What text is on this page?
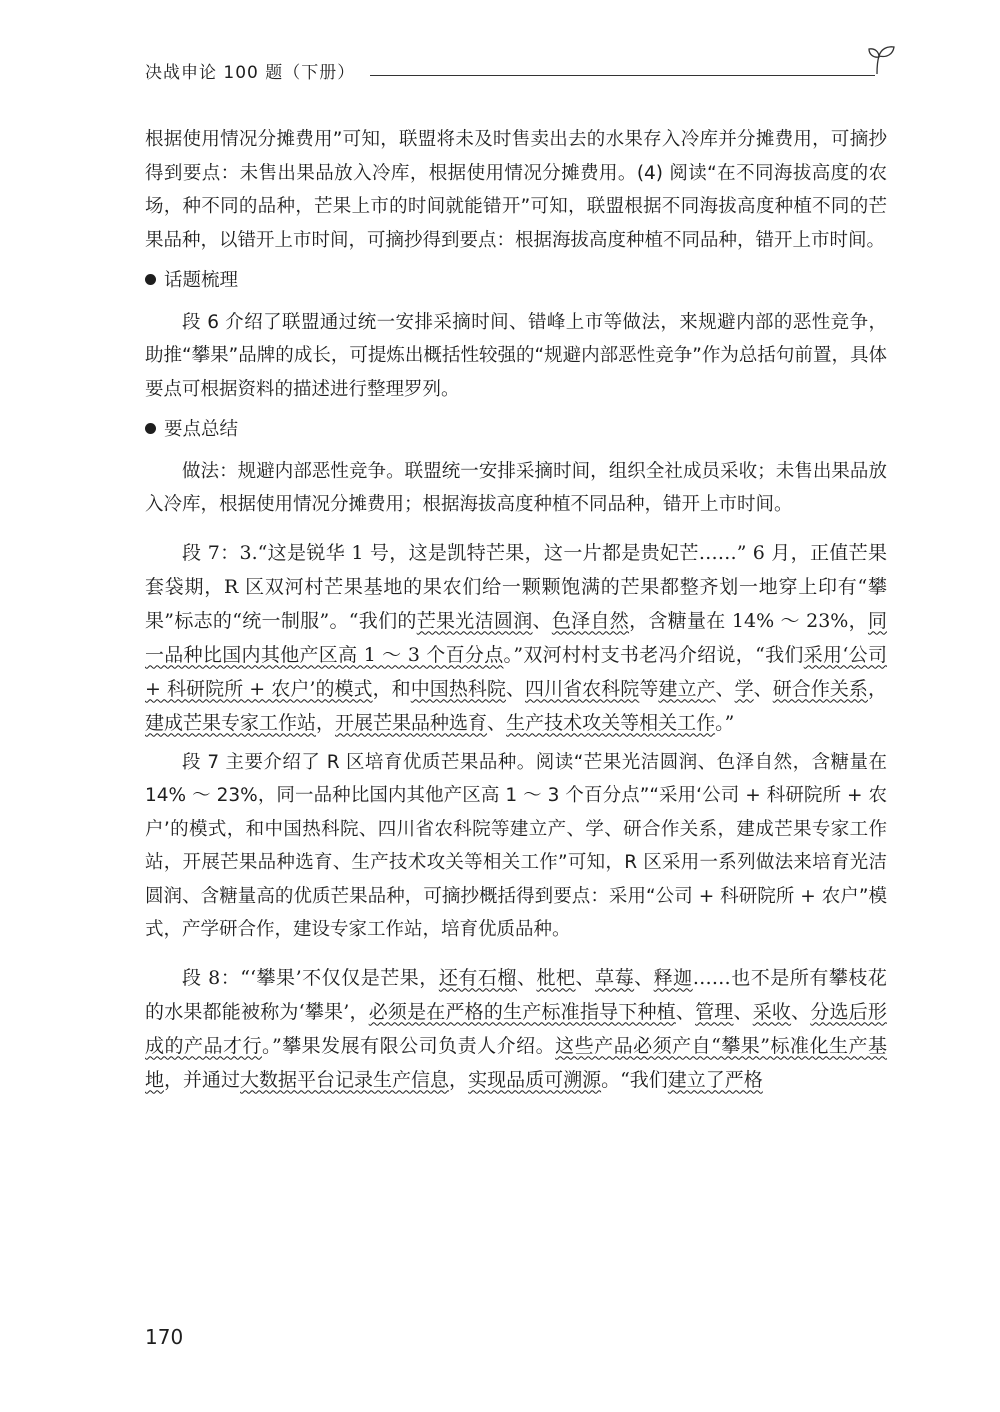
决战申论 100 题（下册）

根据使用情况分摊费用”可知，联盟将未及时售卖出去的水果存入冷库并分摊费用，可摘抄得到要点：未售出果品放入冷库，根据使用情况分摊费用。(4) 阅读“在不同海拔高度的农场，种不同的品种，芒果上市的时间就能错开”可知，联盟根据不同海拔高度种植不同的芒果品种，以错开上市时间，可摘抄得到要点：根据海拔高度种植不同品种，错开上市时间。

话题梳理

段 6 介绍了联盟通过统一安排采摘时间、错峰上市等做法，来规避内部的恶性竞争，助推“攀果”品牌的成长，可提炼出概括性较强的“规避内部恶性竞争”作为总括句前置，具体要点可根据资料的描述进行整理罗列。

要点总结

做法：规避内部恶性竞争。联盟统一安排采摘时间，组织全社成员采收；未售出果品放入冷库，根据使用情况分摊费用；根据海拔高度种植不同品种，错开上市时间。

段 7：3.“这是锐华 1 号，这是凯特芒果，这一片都是贵妃芒……” 6 月，正值芒果套袋期，R 区双河村芒果基地的果农们给一颗颗饱满的芒果都整齐划一地穿上印有“攀果”标志的“统一制服”。“我们的芒果光洁圆润、色泽自然，含糖量在 14% ～ 23%，同一品种比国内其他产区高 1 ～ 3 个百分点。”双河村村支书老冯介绍说，“我们采用‘公司 + 科研院所 + 农户’的模式，和中国热科院、四川省农科院等建立产、学、研合作关系，建成芒果专家工作站，开展芒果品种选育、生产技术攻关等相关工作。”

段 7 主要介绍了 R 区培育优质芒果品种。阅读“芒果光洁圆润、色泽自然，含糖量在 14% ～ 23%，同一品种比国内其他产区高 1 ～ 3 个百分点”“采用‘公司 + 科研院所 + 农户’的模式，和中国热科院、四川省农科院等建立产、学、研合作关系，建成芒果专家工作站，开展芒果品种选育、生产技术攻关等相关工作”可知，R 区采用一系列做法来培育光洁圆润、含糖量高的优质芒果品种，可摘抄概括得到要点：采用“公司 + 科研院所 + 农户”模式，产学研合作，建设专家工作站，培育优质品种。

段 8：“‘攀果’不仅仅是芒果，还有石榴、枇杷、草莓、释迦……也不是所有攀枝花的水果都能被称为‘攀果’，必须是在严格的生产标准指导下种植、管理、采收、分选后形成的产品才行。”攀果发展有限公司负责人介绍。这些产品必须产自“攀果”标准化生产基地，并通过大数据平台记录生产信息，实现品质可溯源。“我们建立了严格

170
